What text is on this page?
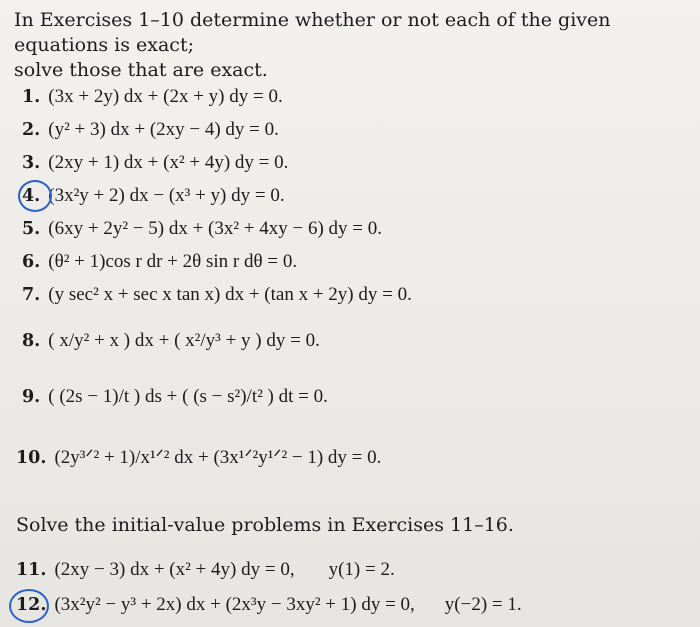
In Exercises 1–10 determine whether or not each of the given equations is exact;
solve those that are exact.
1. (3x + 2y) dx + (2x + y) dy = 0.
2. (y² + 3) dx + (2xy − 4) dy = 0.
3. (2xy + 1) dx + (x² + 4y) dy = 0.
4. (3x²y + 2) dx − (x³ + y) dy = 0.
5. (6xy + 2y² − 5) dx + (3x² + 4xy − 6) dy = 0.
6. (θ² + 1)cos r dr + 2θ sin r dθ = 0.
7. (y sec² x + sec x tan x) dx + (tan x + 2y) dy = 0.
8. ( x/y² + x ) dx + ( x²/y³ + y ) dy = 0.
9. ( (2s − 1)/t ) ds + ( (s − s²)/t² ) dt = 0.
10. (2y³ᐟ² + 1)/x¹ᐟ² dx + (3x¹ᐟ²y¹ᐟ² − 1) dy = 0.
Solve the initial-value problems in Exercises 11–16.
11. (2xy − 3) dx + (x² + 4y) dy = 0, y(1) = 2.
12. (3x²y² − y³ + 2x) dx + (2x³y − 3xy² + 1) dy = 0, y(−2) = 1.
